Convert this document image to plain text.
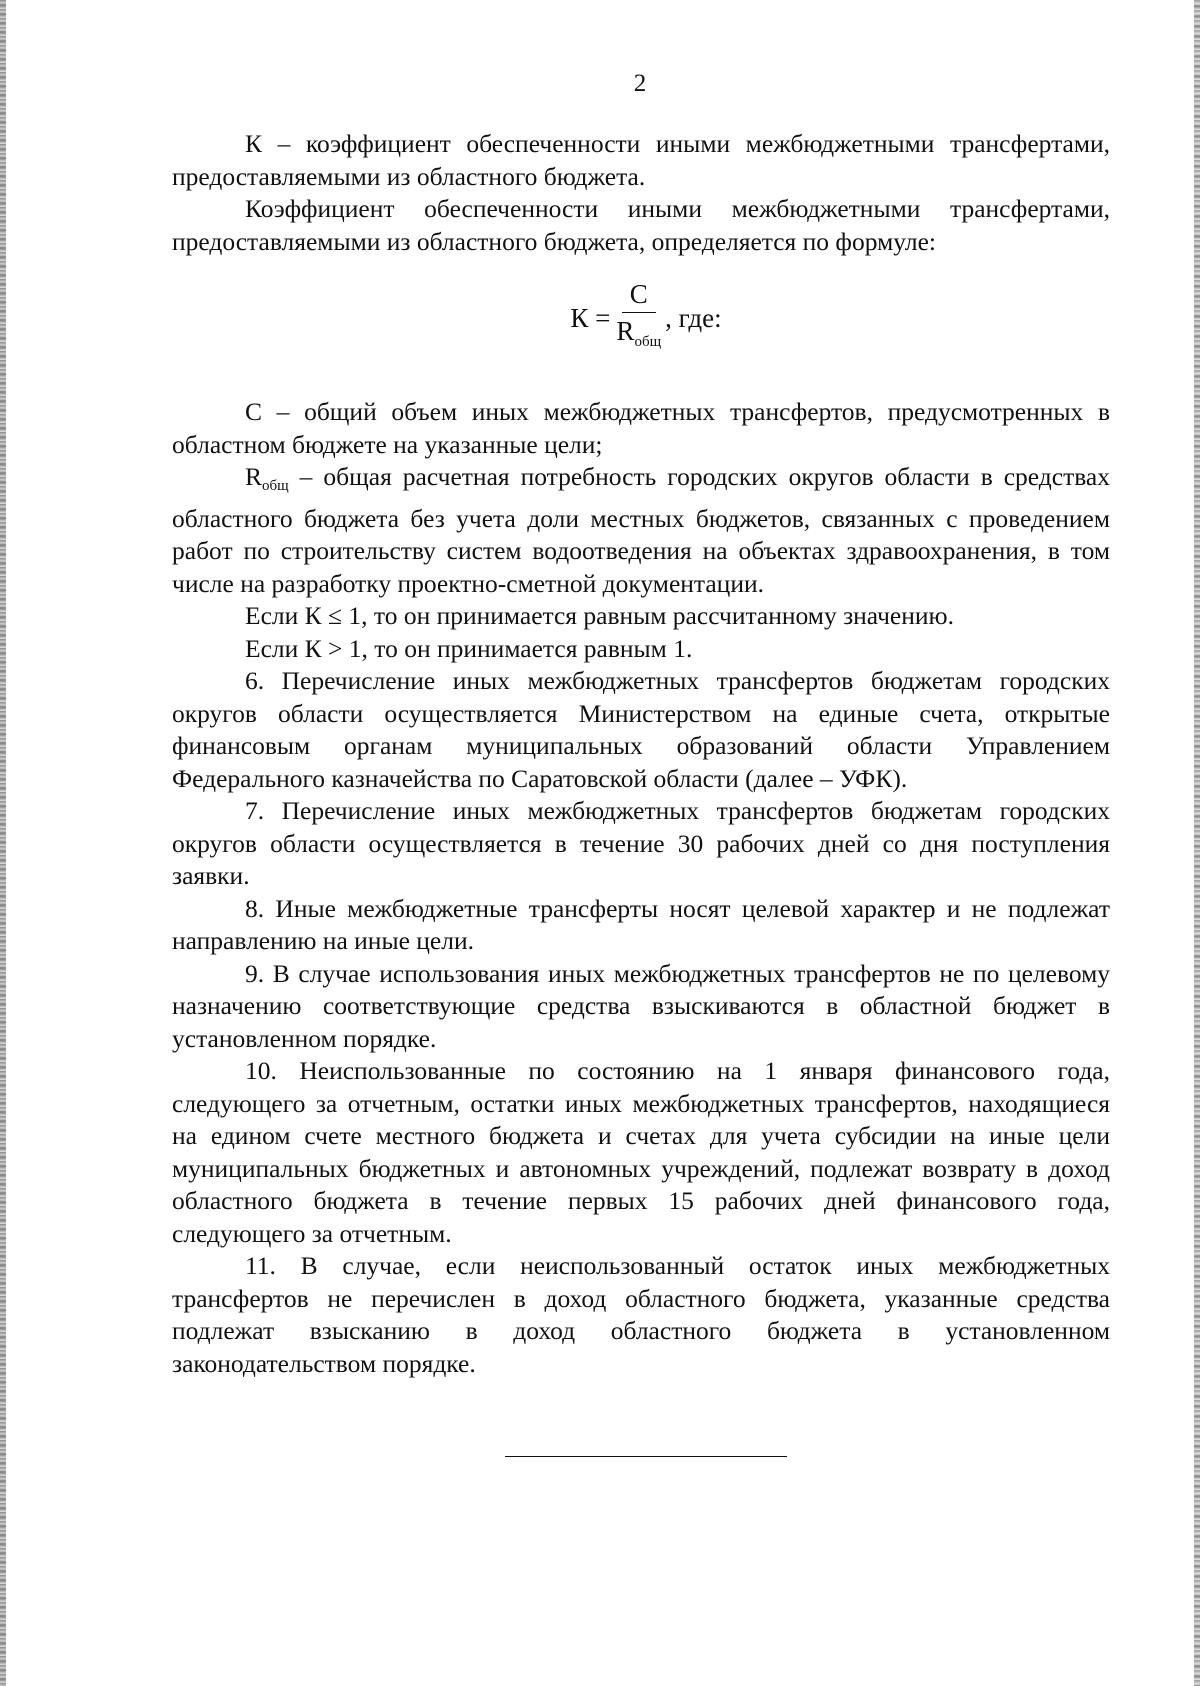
2

К – коэффициент обеспеченности иными межбюджетными трансфертами, предоставляемыми из областного бюджета.

Коэффициент обеспеченности иными межбюджетными трансфертами, предоставляемыми из областного бюджета, определяется по формуле:

$К = \frac{С}{R_{общ}}$ , где:

С – общий объем иных межбюджетных трансфертов, предусмотренных в областном бюджете на указанные цели;

$R_{общ}$ – общая расчетная потребность городских округов области в средствах областного бюджета без учета доли местных бюджетов, связанных с проведением работ по строительству систем водоотведения на объектах здравоохранения, в том числе на разработку проектно-сметной документации.

Если К ≤ 1, то он принимается равным рассчитанному значению.

Если К > 1, то он принимается равным 1.

6. Перечисление иных межбюджетных трансфертов бюджетам городских округов области осуществляется Министерством на единые счета, открытые финансовым органам муниципальных образований области Управлением Федерального казначейства по Саратовской области (далее – УФК).

7. Перечисление иных межбюджетных трансфертов бюджетам городских округов области осуществляется в течение 30 рабочих дней со дня поступления заявки.

8. Иные межбюджетные трансферты носят целевой характер и не подлежат направлению на иные цели.

9. В случае использования иных межбюджетных трансфертов не по целевому назначению соответствующие средства взыскиваются в областной бюджет в установленном порядке.

10. Неиспользованные по состоянию на 1 января финансового года, следующего за отчетным, остатки иных межбюджетных трансфертов, находящиеся на едином счете местного бюджета и счетах для учета субсидии на иные цели муниципальных бюджетных и автономных учреждений, подлежат возврату в доход областного бюджета в течение первых 15 рабочих дней финансового года, следующего за отчетным.

11. В случае, если неиспользованный остаток иных межбюджетных трансфертов не перечислен в доход областного бюджета, указанные средства подлежат взысканию в доход областного бюджета в установленном законодательством порядке.
